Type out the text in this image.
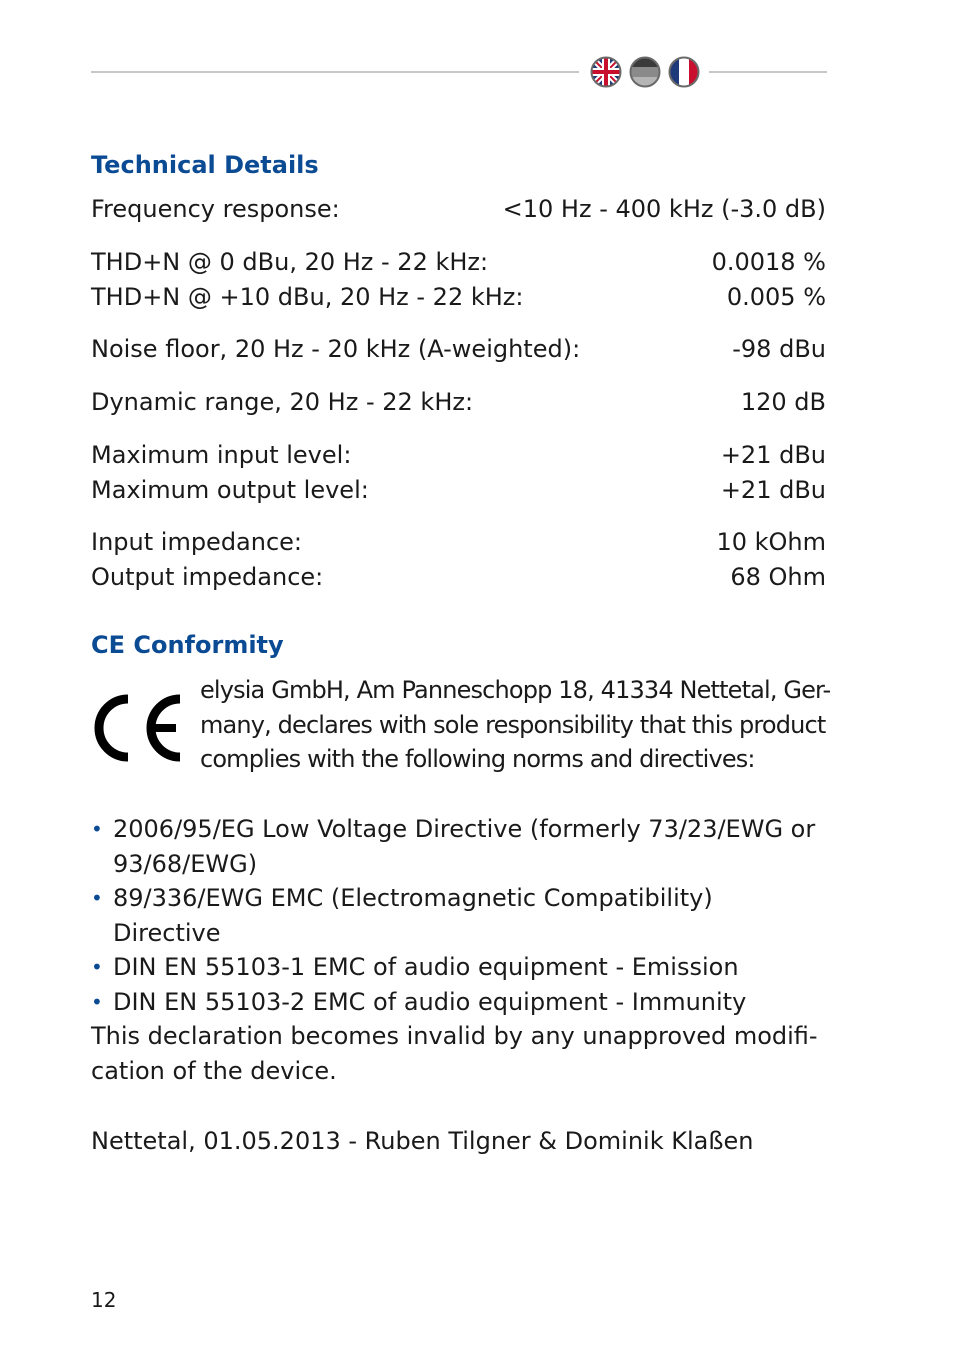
Technical Details
Frequency response:	<10 Hz - 400 kHz (-3.0 dB)
THD+N @ 0 dBu, 20 Hz - 22 kHz:	0.0018 %
THD+N @ +10 dBu, 20 Hz - 22 kHz:	0.005 %
Noise floor, 20 Hz - 20 kHz (A-weighted):	-98 dBu
Dynamic range, 20 Hz - 22 kHz:	120 dB
Maximum input level:	+21 dBu
Maximum output level:	+21 dBu
Input impedance:	10 kOhm
Output impedance:	68 Ohm
CE Conformity
elysia GmbH, Am Panneschopp 18, 41334 Nettetal, Ger-
many, declares with sole responsibility that this product
complies with the following norms and directives:
• 2006/95/EG Low Voltage Directive (formerly 73/23/EWG or
93/68/EWG)
• 89/336/EWG EMC (Electromagnetic Compatibility) Directive
• DIN EN 55103-1 EMC of audio equipment - Emission
• DIN EN 55103-2 EMC of audio equipment - Immunity
This declaration becomes invalid by any unapproved modifi-
cation of the device.
Nettetal, 01.05.2013 - Ruben Tilgner & Dominik Klaßen
12
